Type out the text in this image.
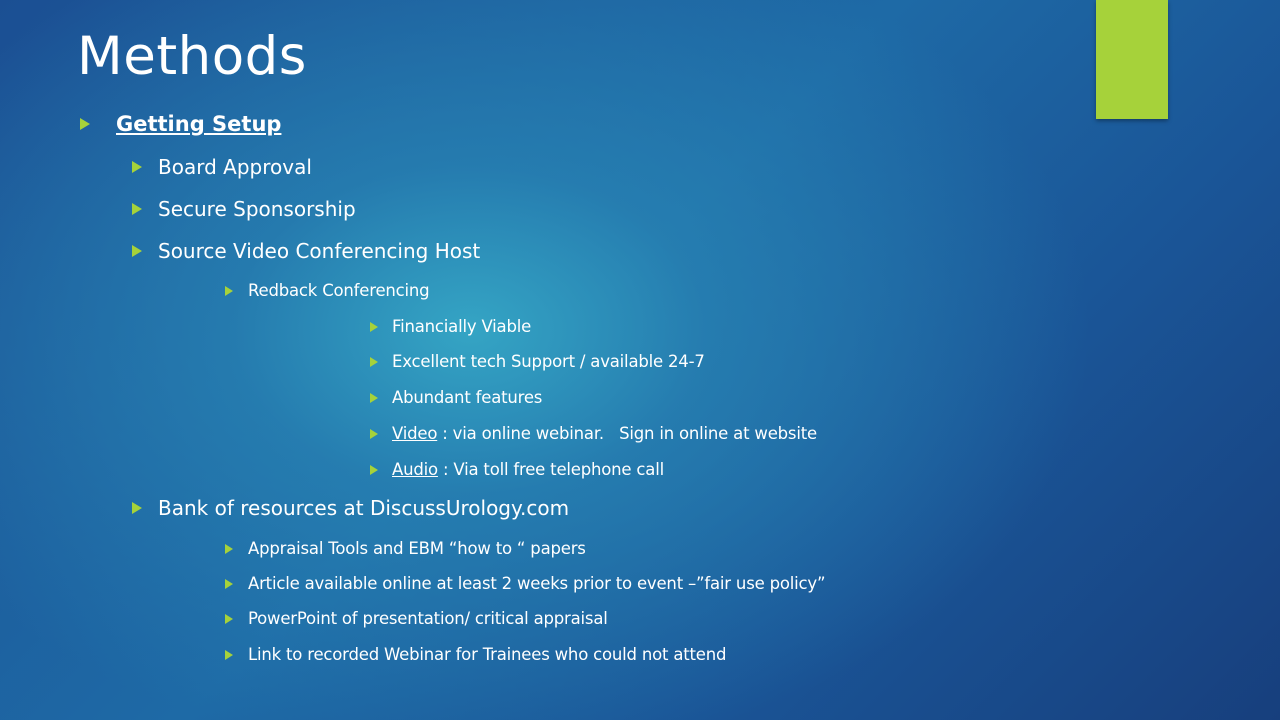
Methods
Getting Setup
Board Approval
Secure Sponsorship
Source Video Conferencing Host
Redback Conferencing
Financially Viable
Excellent tech Support / available 24-7
Abundant features
Video : via online webinar.   Sign in online at website
Audio : Via toll free telephone call
Bank of resources at DiscussUrology.com
Appraisal Tools and EBM “how to “ papers
Article available online at least 2 weeks prior to event –”fair use policy”
PowerPoint of presentation/ critical appraisal
Link to recorded Webinar for Trainees who could not attend
